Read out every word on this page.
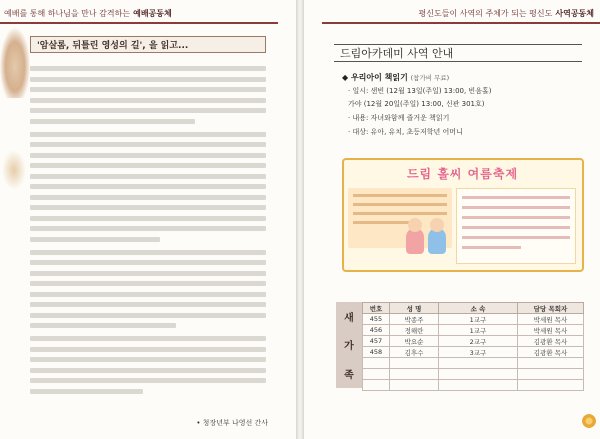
예배를 통해 하나님을 만나 감격하는 예배공동체
'암살롬, 뒤틀린 영성의 길', 을 읽고...

• 청장년부 나영선 간사
평신도들이 사역의 주체가 되는 평신도 사역공동체
드림아카데미 사역 안내
◆ 우리아이 책읽기 (참가비 무료)
· 일시: 샌빈 (12월 13일(주일) 13:00, 빈음홀)
가야 (12월 20일(주일) 13:00, 신관 301호)
· 내용: 자녀와함께 즐거운 책읽기
· 대상: 유아, 유치, 초등저학년 어머니
드림 홀씨 여름축제
새
가
족
번호	성 명	소 속	담당 목회자
455	박종주	1교구	박세원 목사
456	정해란	1교구	박세원 목사
457	박요순	2교구	김광환 목사
458	김후수	3교구	김광환 목사
